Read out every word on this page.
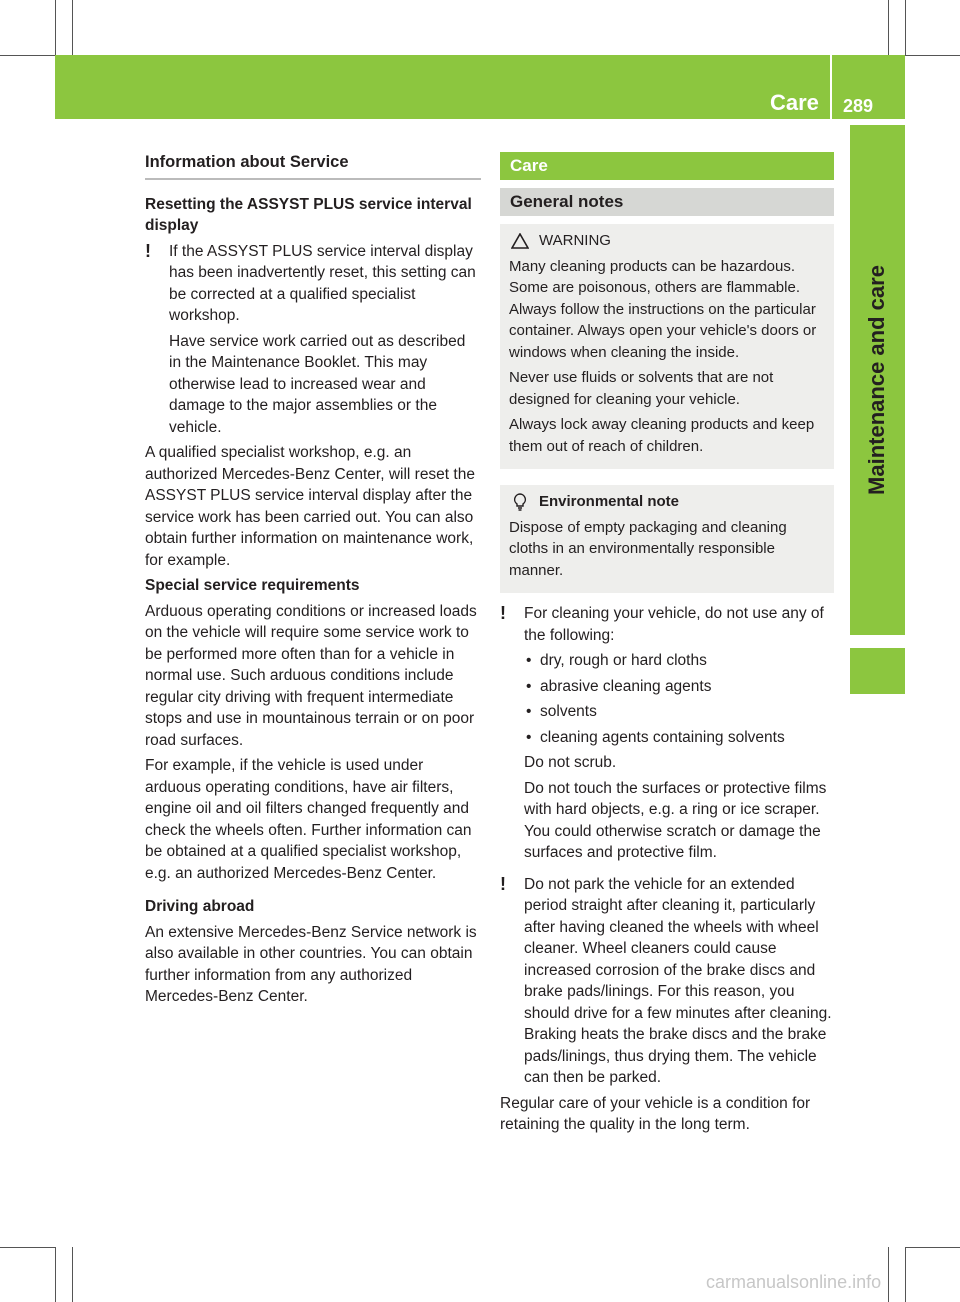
Care 289
Maintenance and care
Information about Service

Resetting the ASSYST PLUS service interval display

! If the ASSYST PLUS service interval display has been inadvertently reset, this setting can be corrected at a qualified specialist workshop.

Have service work carried out as described in the Maintenance Booklet. This may otherwise lead to increased wear and damage to the major assemblies or the vehicle.

A qualified specialist workshop, e.g. an authorized Mercedes-Benz Center, will reset the ASSYST PLUS service interval display after the service work has been carried out. You can also obtain further information on maintenance work, for example.

Special service requirements

Arduous operating conditions or increased loads on the vehicle will require some service work to be performed more often than for a vehicle in normal use. Such arduous conditions include regular city driving with frequent intermediate stops and use in mountainous terrain or on poor road surfaces.

For example, if the vehicle is used under arduous operating conditions, have air filters, engine oil and oil filters changed frequently and check the wheels often. Further information can be obtained at a qualified specialist workshop, e.g. an authorized Mercedes-Benz Center.

Driving abroad

An extensive Mercedes-Benz Service network is also available in other countries. You can obtain further information from any authorized Mercedes-Benz Center.

Care
General notes
WARNING

Many cleaning products can be hazardous. Some are poisonous, others are flammable. Always follow the instructions on the particular container. Always open your vehicle's doors or windows when cleaning the inside.

Never use fluids or solvents that are not designed for cleaning your vehicle.

Always lock away cleaning products and keep them out of reach of children.

Environmental note

Dispose of empty packaging and cleaning cloths in an environmentally responsible manner.

! For cleaning your vehicle, do not use any of the following:

• dry, rough or hard cloths
• abrasive cleaning agents
• solvents
• cleaning agents containing solvents

Do not scrub.

Do not touch the surfaces or protective films with hard objects, e.g. a ring or ice scraper. You could otherwise scratch or damage the surfaces and protective film.

! Do not park the vehicle for an extended period straight after cleaning it, particularly after having cleaned the wheels with wheel cleaner. Wheel cleaners could cause increased corrosion of the brake discs and brake pads/linings. For this reason, you should drive for a few minutes after cleaning. Braking heats the brake discs and the brake pads/linings, thus drying them. The vehicle can then be parked.

Regular care of your vehicle is a condition for retaining the quality in the long term.

carmanualsonline.info
